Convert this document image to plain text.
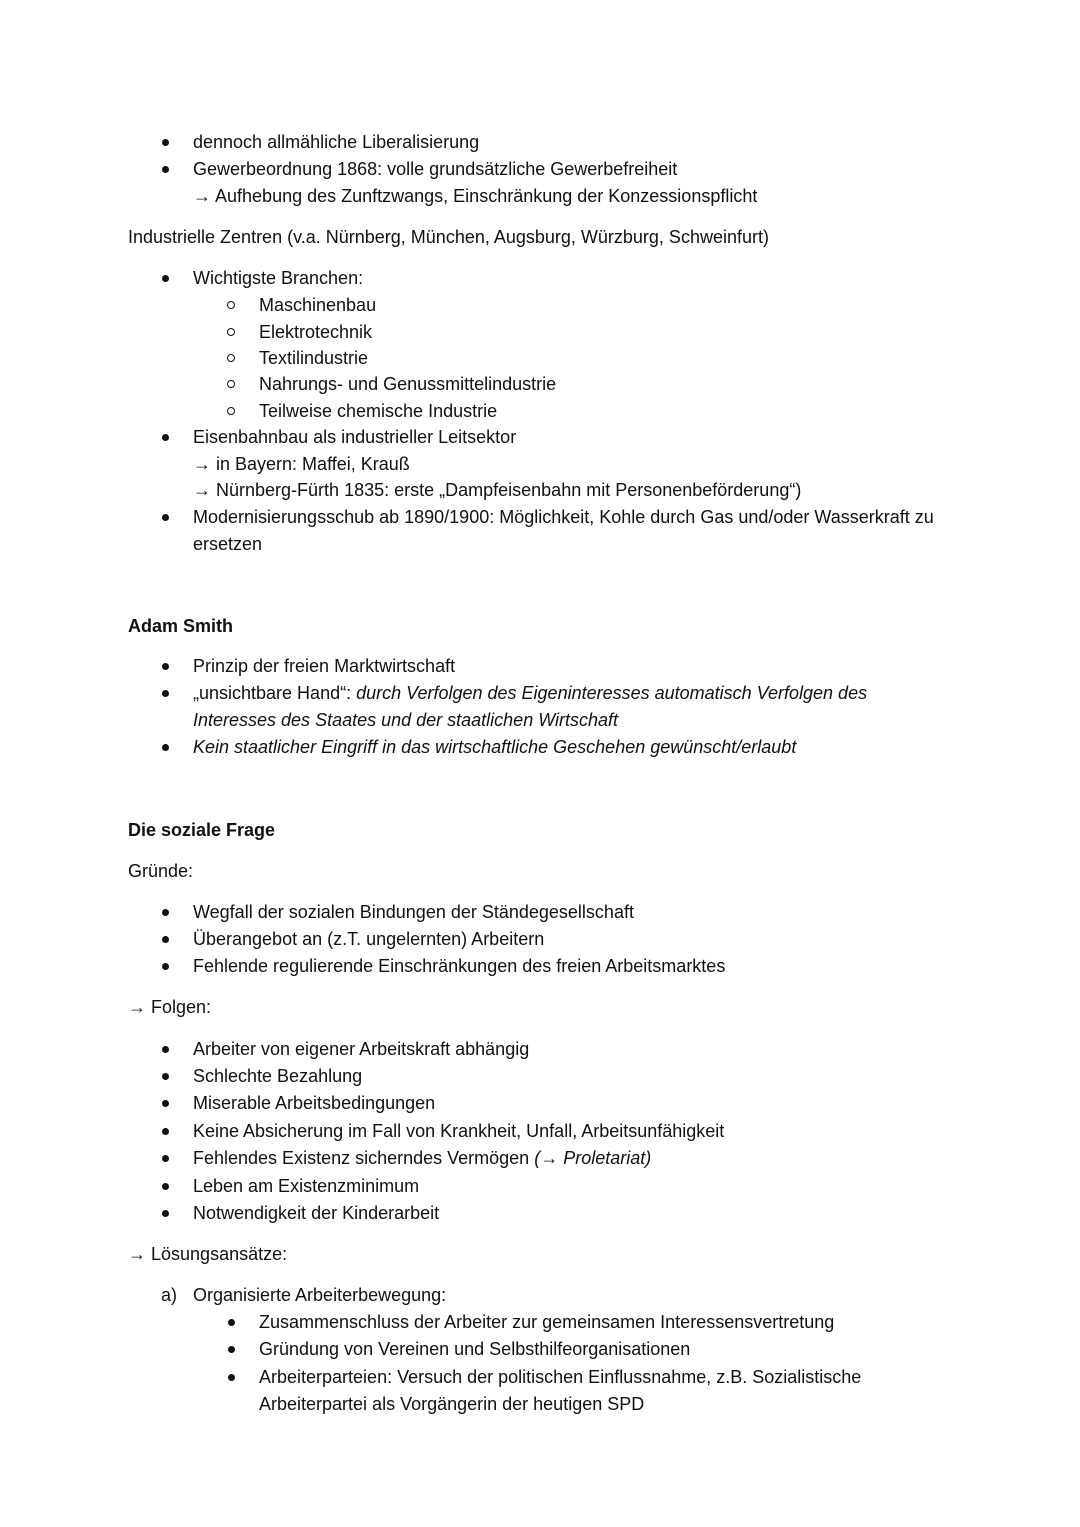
dennoch allmähliche Liberalisierung
Gewerbeordnung 1868: volle grundsätzliche Gewerbefreiheit
→ Aufhebung des Zunftzwangs, Einschränkung der Konzessionspflicht
Industrielle Zentren (v.a. Nürnberg, München, Augsburg, Würzburg, Schweinfurt)
Wichtigste Branchen:
Maschinenbau
Elektrotechnik
Textilindustrie
Nahrungs- und Genussmittelindustrie
Teilweise chemische Industrie
Eisenbahnbau als industrieller Leitsektor
→ in Bayern: Maffei, Krauß
→ Nürnberg-Fürth 1835: erste „Dampfeisenbahn mit Personenbeförderung“)
Modernisierungsschub ab 1890/1900: Möglichkeit, Kohle durch Gas und/oder Wasserkraft zu
ersetzen
Adam Smith
Prinzip der freien Marktwirtschaft
„unsichtbare Hand“: durch Verfolgen des Eigeninteresses automatisch Verfolgen des
Interesses des Staates und der staatlichen Wirtschaft
Kein staatlicher Eingriff in das wirtschaftliche Geschehen gewünscht/erlaubt
Die soziale Frage
Gründe:
Wegfall der sozialen Bindungen der Ständegesellschaft
Überangebot an (z.T. ungelernten) Arbeitern
Fehlende regulierende Einschränkungen des freien Arbeitsmarktes
→ Folgen:
Arbeiter von eigener Arbeitskraft abhängig
Schlechte Bezahlung
Miserable Arbeitsbedingungen
Keine Absicherung im Fall von Krankheit, Unfall, Arbeitsunfähigkeit
Fehlendes Existenz sicherndes Vermögen (→ Proletariat)
Leben am Existenzminimum
Notwendigkeit der Kinderarbeit
→ Lösungsansätze:
a) Organisierte Arbeiterbewegung:
Zusammenschluss der Arbeiter zur gemeinsamen Interessensvertretung
Gründung von Vereinen und Selbsthilfeorganisationen
Arbeiterparteien: Versuch der politischen Einflussnahme, z.B. Sozialistische
Arbeiterpartei als Vorgängerin der heutigen SPD
